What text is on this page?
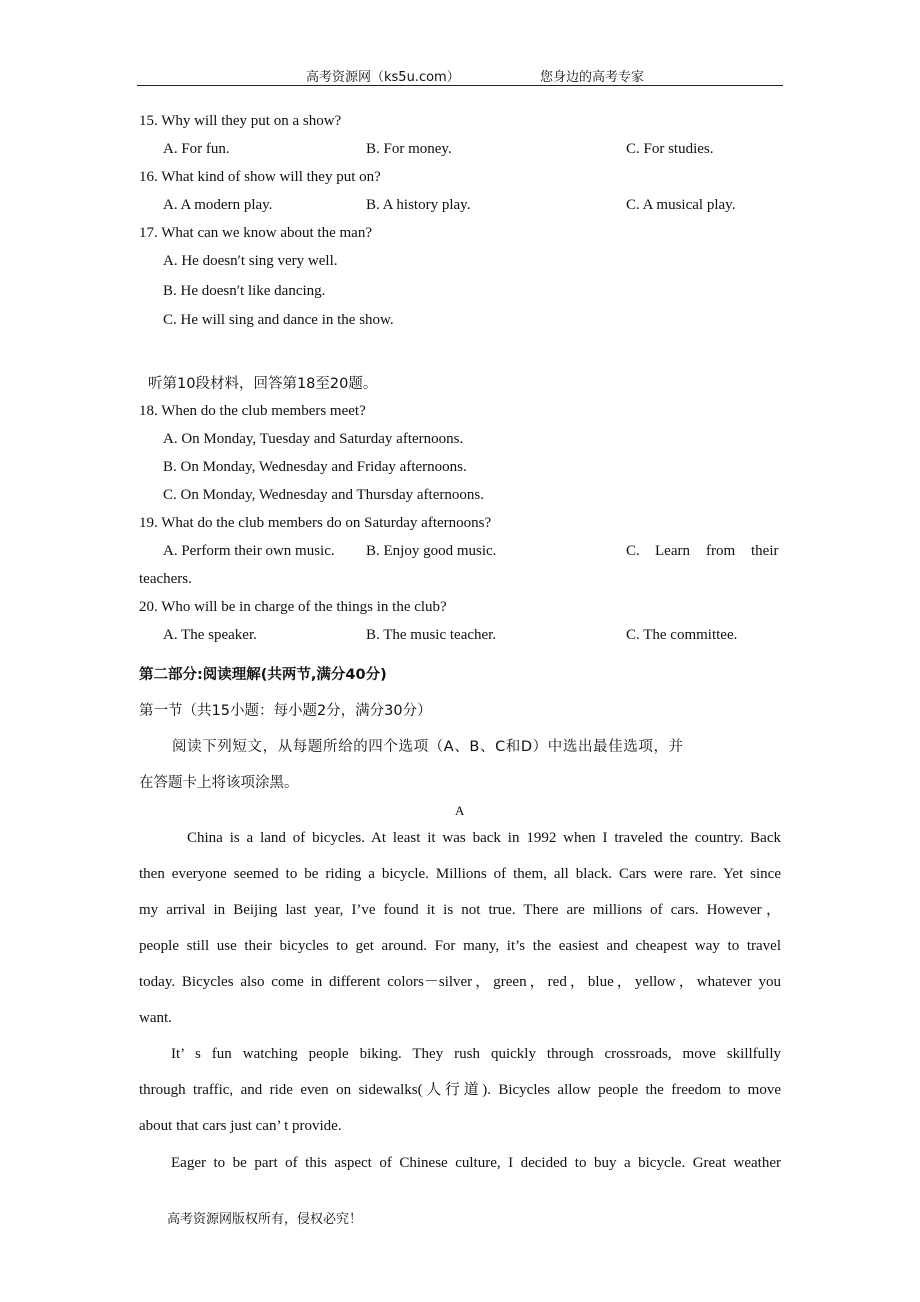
高考资源网（ks5u.com）	您身边的高考专家
15. Why will they put on a show?
A. For fun.	B. For money.	C. For studies.
16. What kind of show will they put on?
A. A modern play.	B. A history play.	C. A musical play.
17. What can we know about the man?
A. He doesn′t sing very well.
B. He doesn′t like dancing.
C. He will sing and dance in the show.
听第10段材料，回答第18至20题。
18. When do the club members meet?
A. On Monday, Tuesday and Saturday afternoons.
B. On Monday, Wednesday and Friday afternoons.
C. On Monday, Wednesday and Thursday afternoons.
19. What do the club members do on Saturday afternoons?
A. Perform their own music. B. Enjoy good music.	C. Learn from their
teachers.
20. Who will be in charge of the things in the club?
A. The speaker.	B. The music teacher.	C. The committee.
第二部分:阅读理解(共两节,满分40分)
第一节（共15小题：每小题2分，满分30分）
阅读下列短文，从每题所给的四个选项（A、B、C和D）中选出最佳选项，并
在答题卡上将该项涂黑。
A
China is a land of bicycles. At least it was back in 1992 when I traveled the country. Back
then everyone seemed to be riding a bicycle. Millions of them, all black. Cars were rare. Yet since
my arrival in Beijing last year, I’ve found it is not true. There are millions of cars. However，
people still use their bicycles to get around. For many, it’s the easiest and cheapest way to travel
today. Bicycles also come in different colors－silver，green，red，blue，yellow，whatever you
want.
It’ s fun watching people biking. They rush quickly through crossroads, move skillfully
through traffic, and ride even on sidewalks(人行道). Bicycles allow people the freedom to move
about that cars just can’ t provide.
Eager to be part of this aspect of Chinese culture, I decided to buy a bicycle. Great weather
高考资源网版权所有，侵权必究！
